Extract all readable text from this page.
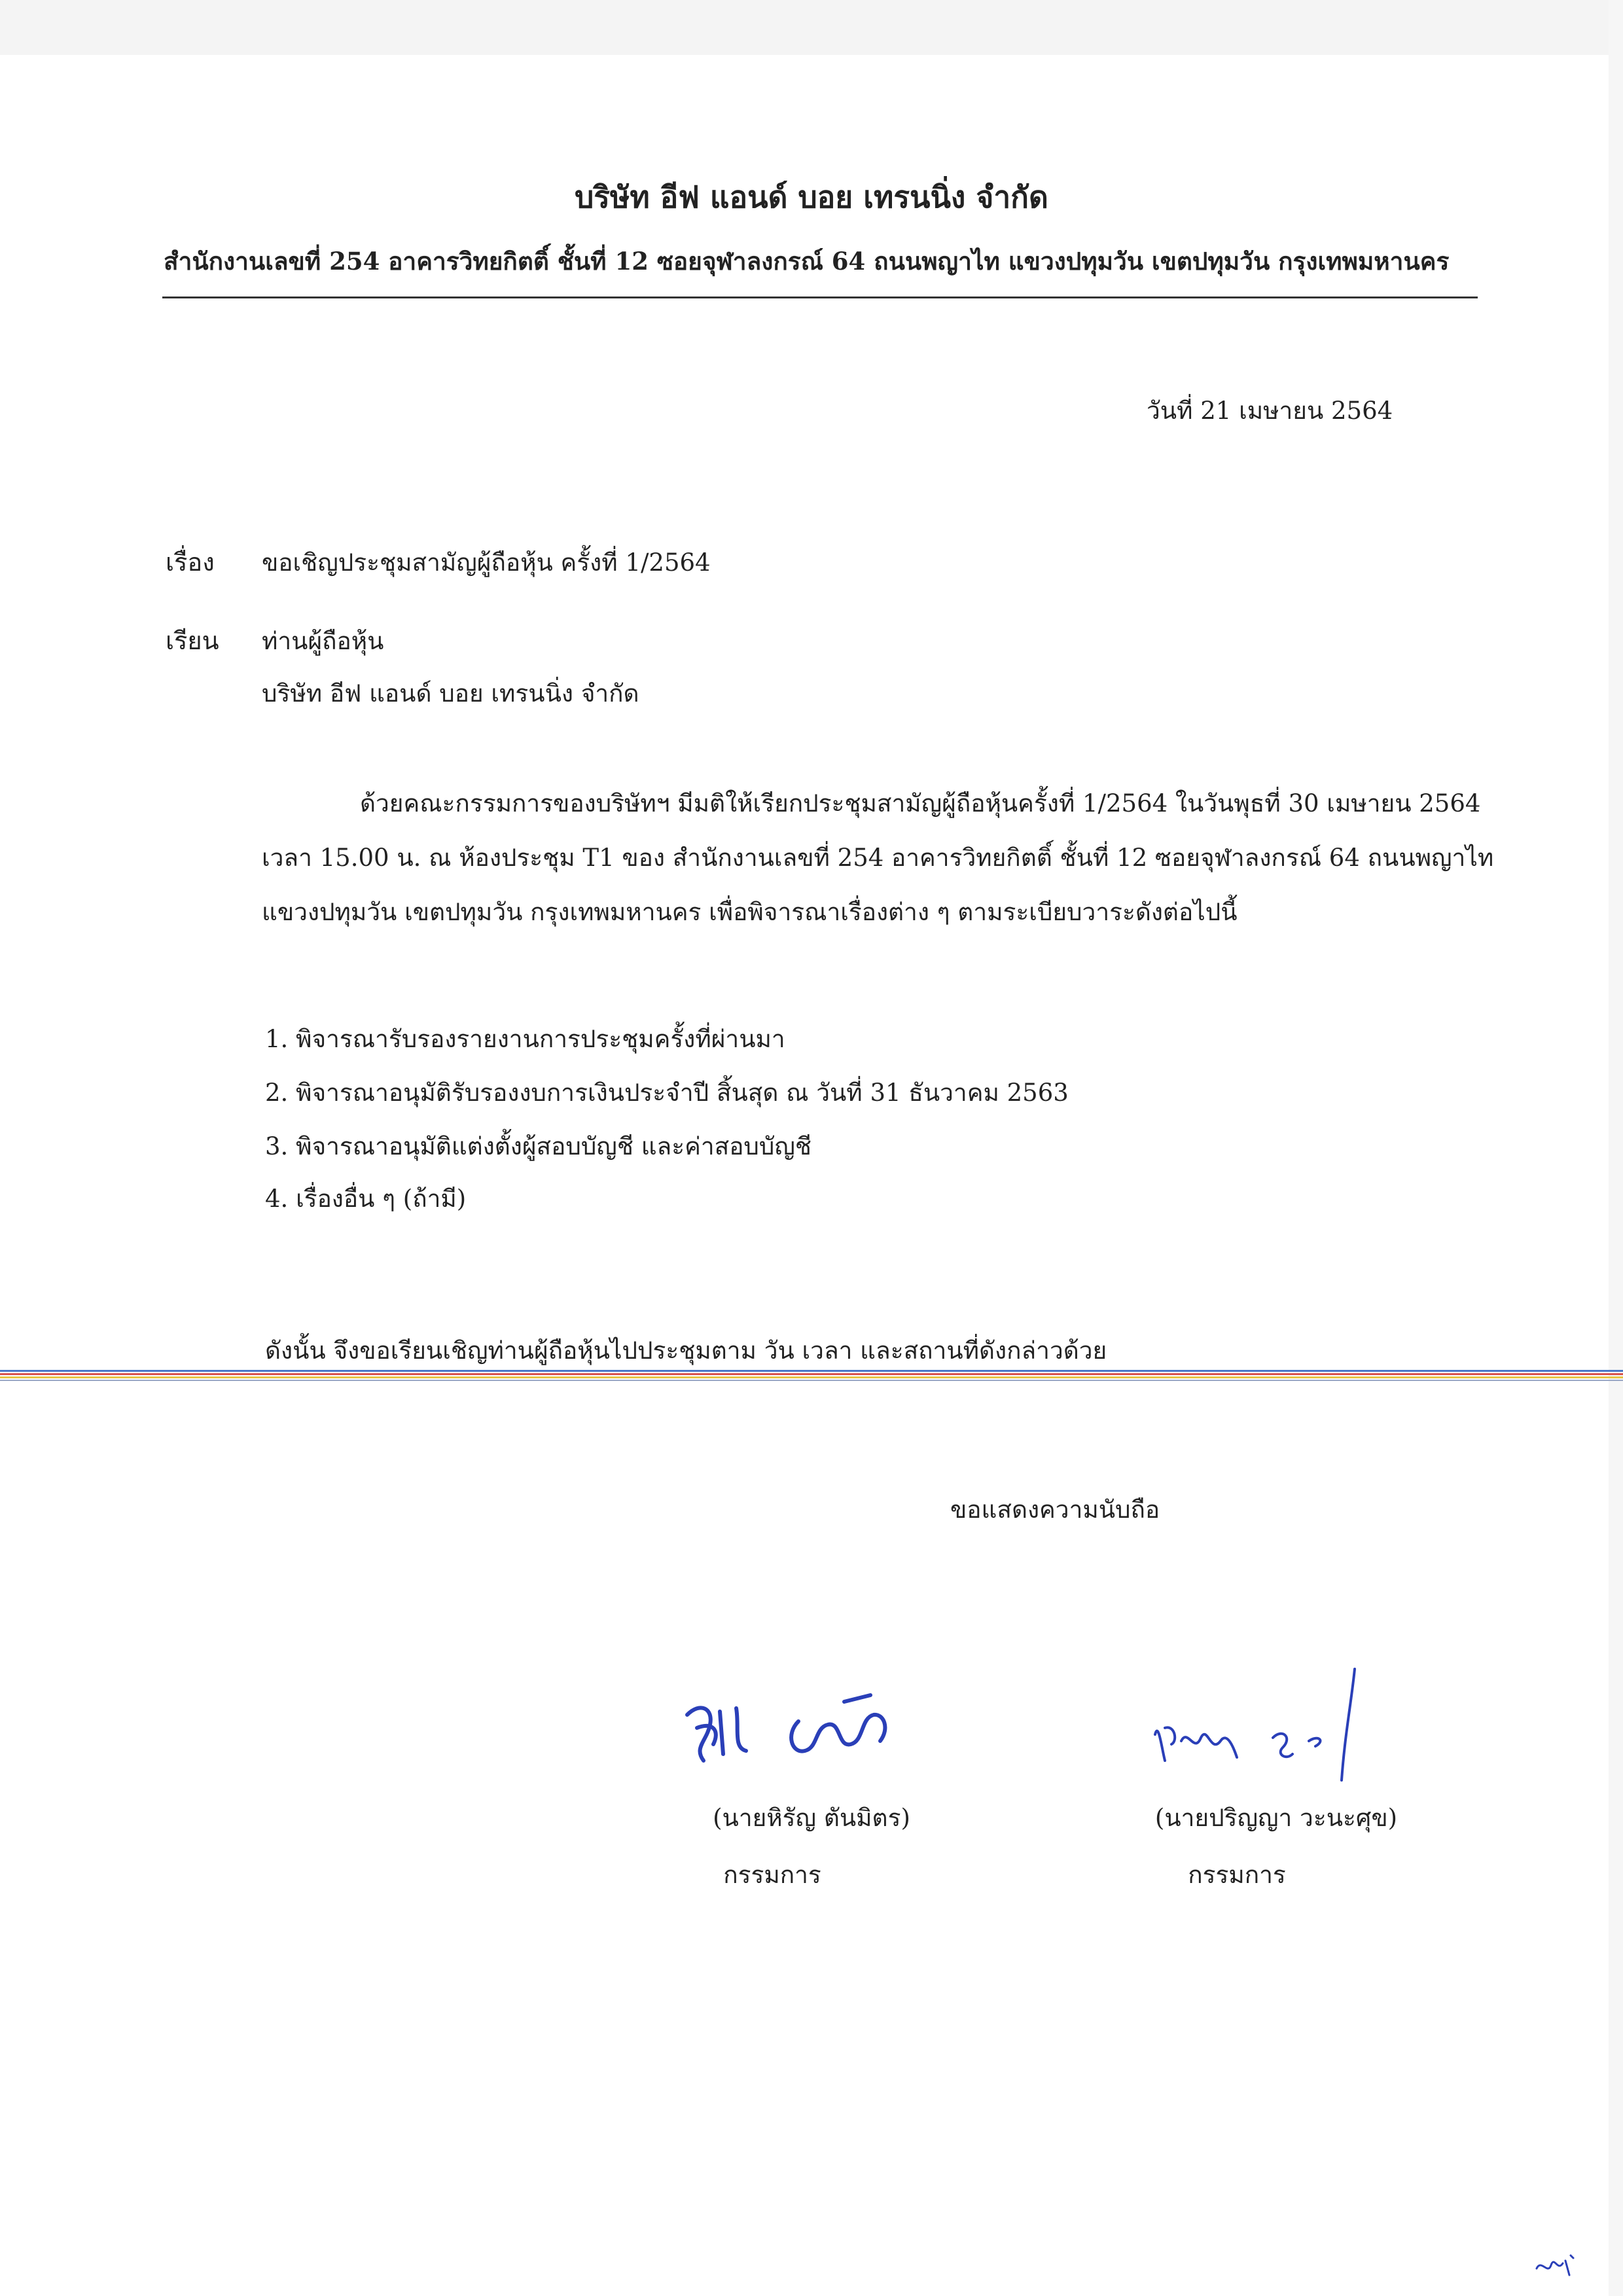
บริษัท อีฟ แอนด์ บอย เทรนนิ่ง จำกัด
สำนักงานเลขที่ 254 อาคารวิทยกิตติ์ ชั้นที่ 12 ซอยจุฬาลงกรณ์ 64 ถนนพญาไท แขวงปทุมวัน เขตปทุมวัน กรุงเทพมหานคร
วันที่ 21 เมษายน 2564
เรื่อง ขอเชิญประชุมสามัญผู้ถือหุ้น ครั้งที่ 1/2564
เรียน ท่านผู้ถือหุ้น
บริษัท อีฟ แอนด์ บอย เทรนนิ่ง จำกัด
ด้วยคณะกรรมการของบริษัทฯ มีมติให้เรียกประชุมสามัญผู้ถือหุ้นครั้งที่ 1/2564 ในวันพุธที่ 30 เมษายน 2564
เวลา 15.00 น. ณ ห้องประชุม T1 ของ สำนักงานเลขที่ 254 อาคารวิทยกิตติ์ ชั้นที่ 12 ซอยจุฬาลงกรณ์ 64 ถนนพญาไท
แขวงปทุมวัน เขตปทุมวัน กรุงเทพมหานคร เพื่อพิจารณาเรื่องต่าง ๆ ตามระเบียบวาระดังต่อไปนี้
1. พิจารณารับรองรายงานการประชุมครั้งที่ผ่านมา
2. พิจารณาอนุมัติรับรองงบการเงินประจำปี สิ้นสุด ณ วันที่ 31 ธันวาคม 2563
3. พิจารณาอนุมัติแต่งตั้งผู้สอบบัญชี และค่าสอบบัญชี
4. เรื่องอื่น ๆ (ถ้ามี)
ดังนั้น จึงขอเรียนเชิญท่านผู้ถือหุ้นไปประชุมตาม วัน เวลา และสถานที่ดังกล่าวด้วย
ขอแสดงความนับถือ
(นายหิรัญ ตันมิตร)
กรรมการ
(นายปริญญา วะนะศุข)
กรรมการ
